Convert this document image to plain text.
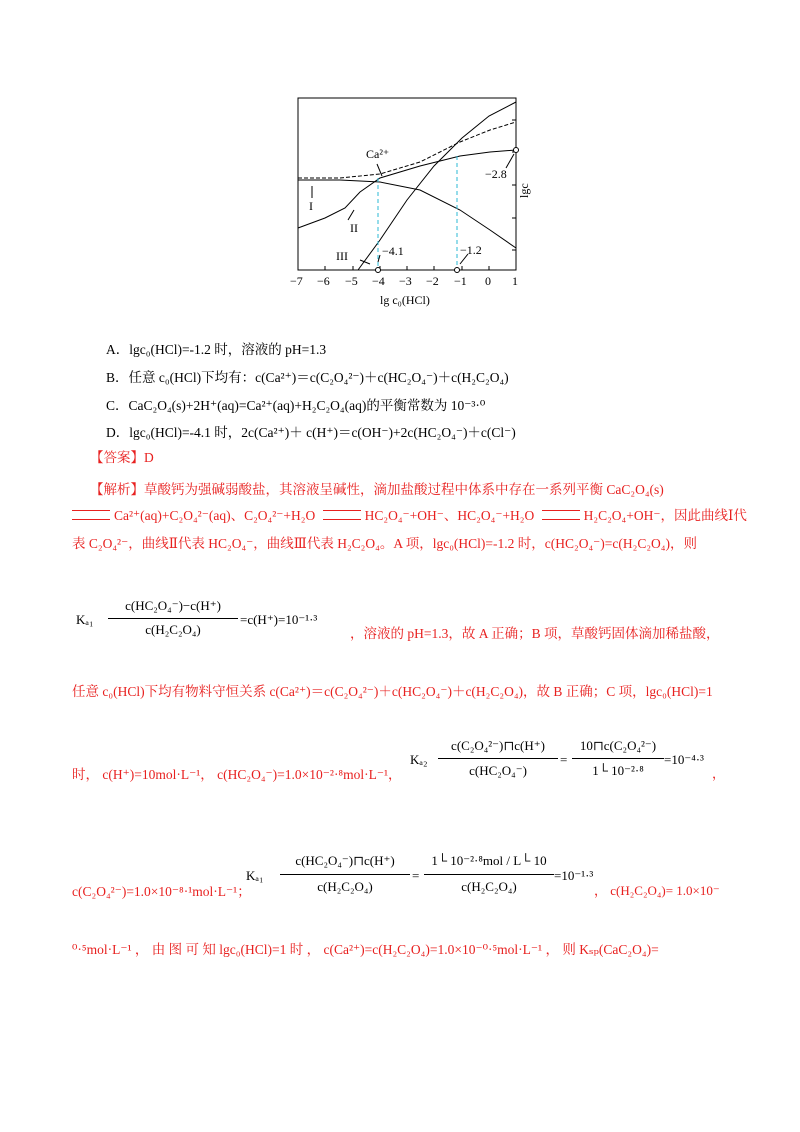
Ca²⁺
−2.8
−4.1	−1.2
I
II
III
lgc
−7 −6 −5 −4 −3 −2 −1 0 1
lg c₀(HCl)
A．lgc₀(HCl)=-1.2 时，溶液的 pH=1.3
B．任意 c₀(HCl)下均有：c(Ca²⁺)＝c(C₂O₄²⁻)＋c(HC₂O₄⁻)＋c(H₂C₂O₄)
C．CaC₂O₄(s)+2H⁺(aq)=Ca²⁺(aq)+H₂C₂O₄(aq)的平衡常数为 10⁻³·⁰
D．lgc₀(HCl)=-4.1 时，2c(Ca²⁺)＋ c(H⁺)＝c(OH⁻)+2c(HC₂O₄⁻)＋c(Cl⁻)
【答案】D
【解析】草酸钙为强碱弱酸盐，其溶液呈碱性，滴加盐酸过程中体系中存在一系列平衡 CaC₂O₄(s)
Ca²⁺(aq)+C₂O₄²⁻(aq)、C₂O₄²⁻+H₂O	HC₂O₄⁻+OH⁻、HC₂O₄⁻+H₂O	H₂C₂O₄+OH⁻，因此曲线Ⅰ代
表 C₂O₄²⁻，曲线Ⅱ代表 HC₂O₄⁻，曲线Ⅲ代表 H₂C₂O₄。A 项，lgc₀(HCl)=-1.2 时，c(HC₂O₄⁻)=c(H₂C₂O₄)，则
Kₐ₁
c(HC₂O₄⁻)−c(H⁺)
c(H₂C₂O₄)
=c(H⁺)=10⁻¹·³
，溶液的 pH=1.3，故 A 正确；B 项，草酸钙固体滴加稀盐酸，
任意 c₀(HCl)下均有物料守恒关系 c(Ca²⁺)＝c(C₂O₄²⁻)＋c(HC₂O₄⁻)＋c(H₂C₂O₄)，故 B 正确；C 项，lgc₀(HCl)=1
时， c(H⁺)=10mol·L⁻¹， c(HC₂O₄⁻)=1.0×10⁻²·⁸mol·L⁻¹，
Kₐ₂
c(C₂O₄²⁻)⊓c(H⁺)
c(HC₂O₄⁻)
=
10⊓c(C₂O₄²⁻)
1└ 10⁻²·⁸
=10⁻⁴·³
，
c(C₂O₄²⁻)=1.0×10⁻⁸·¹mol·L⁻¹；
Kₐ₁
c(HC₂O₄⁻)⊓c(H⁺)
c(H₂C₂O₄)
=
1└ 10⁻²·⁸mol / L└ 10
c(H₂C₂O₄)
=10⁻¹·³
， c(H₂C₂O₄)= 1.0×10⁻
⁰·⁵mol·L⁻¹ ， 由 图 可 知 lgc₀(HCl)=1 时 ， c(Ca²⁺)=c(H₂C₂O₄)=1.0×10⁻⁰·⁵mol·L⁻¹ ， 则 Kₛₚ(CaC₂O₄)=
